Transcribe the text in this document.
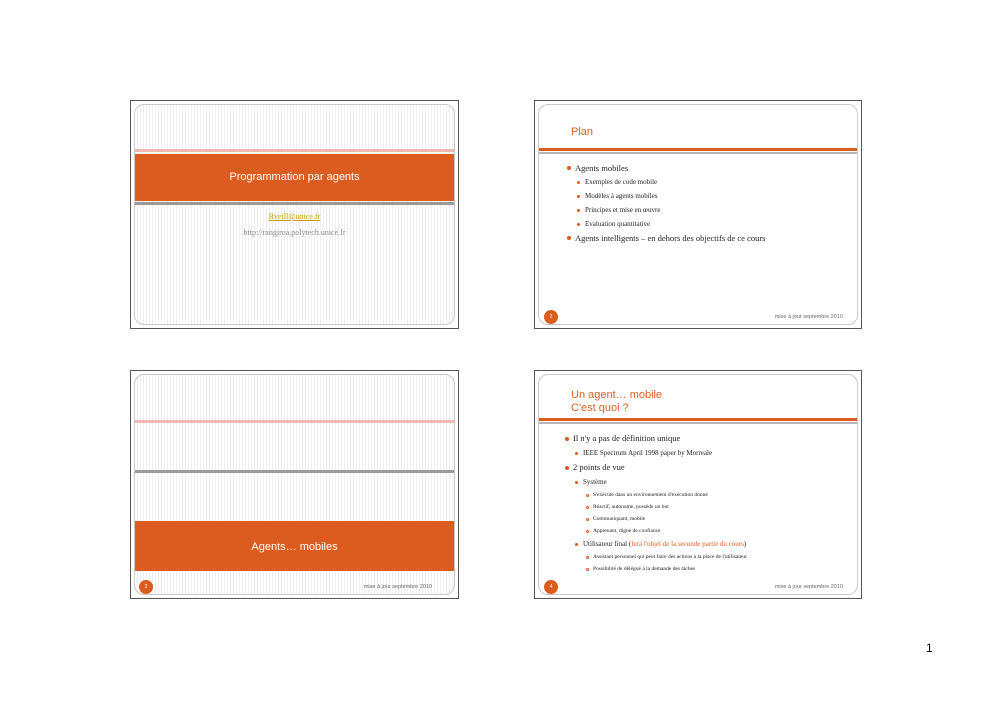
Programmation par agents
Rveill@unice.fr
http://rangiroa.polytech.unice.fr
Plan
Agents mobiles
Exemples de code mobile
Modèles à agents mobiles
Principes et mise en œuvre
Evaluation quantitative
Agents intelligents – en dehors des objectifs de ce cours
2	mise à jour septembre 2010
Agents… mobiles
3	mise à jour septembre 2010
Un agent… mobile
C'est quoi ?
Il n'y a pas de définition unique
IEEE Spectrum April 1998 paper by Morreale
2 points de vue
Système
S'exécute dans un environnement d'exécution donné
Réactif, autonome, possède un but
Communiquant, mobile
Apprenant, digne de confiance
Utilisateur final (fera l'objet de la seconde partie du cours)
Assistant personnel qui peut faire des actions à la place de l'utilisateur
Possibilité de délégué à la demande des tâches
4	mise à jour septembre 2010
1
